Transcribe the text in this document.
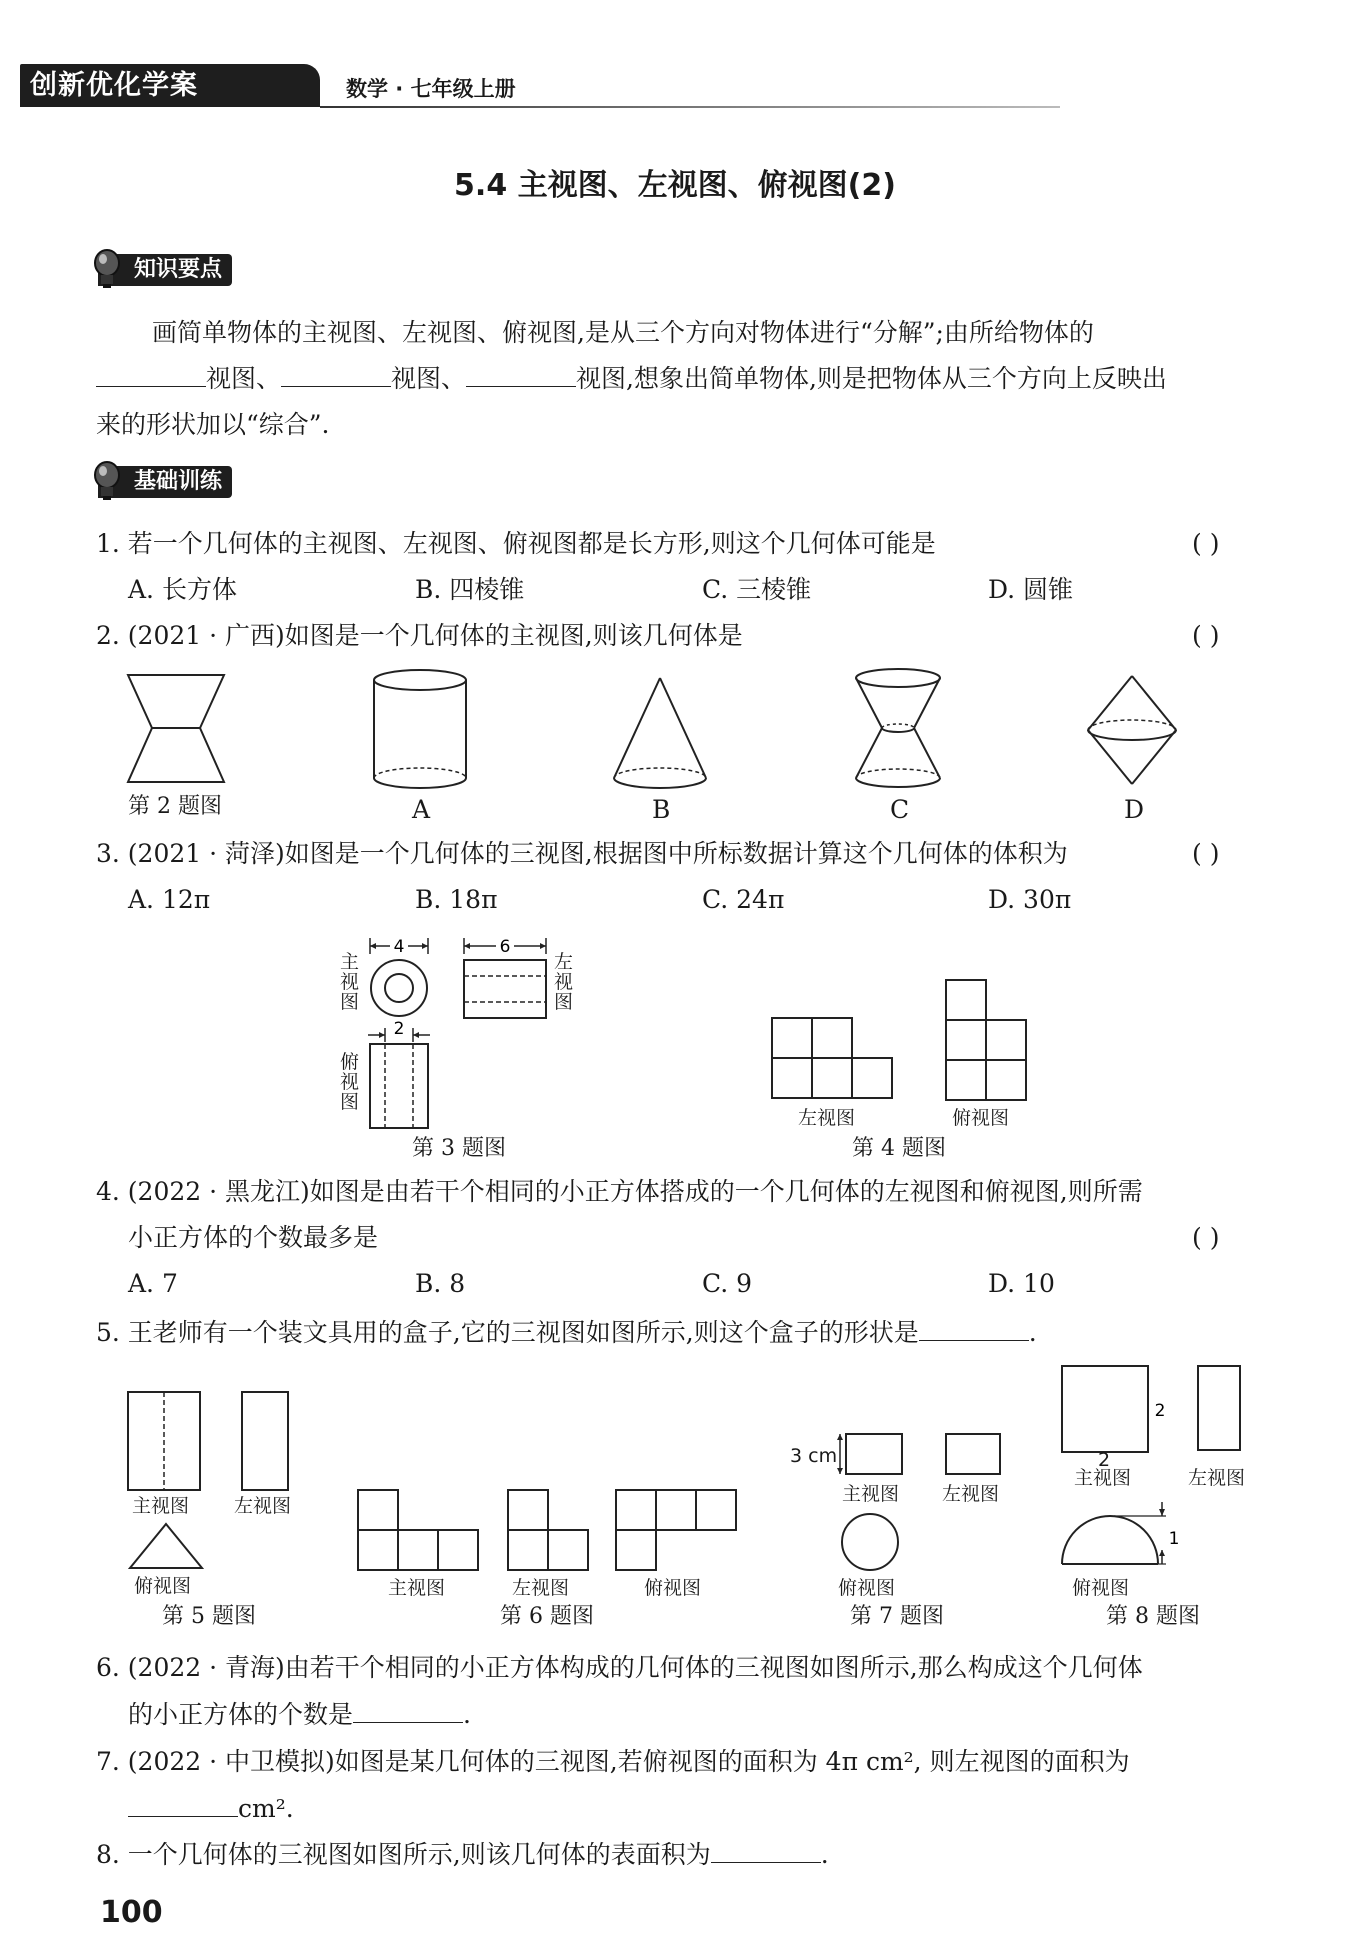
创新优化学案	数学 · 七年级上册
5.4 主视图、左视图、俯视图(2)
知识要点
画简单物体的主视图、左视图、俯视图,是从三个方向对物体进行“分解”;由所给物体的
视图、	视图、	视图,想象出简单物体,则是把物体从三个方向上反映出
来的形状加以“综合”.
基础训练
1. 若一个几何体的主视图、左视图、俯视图都是长方形,则这个几何体可能是	( )
A. 长方体	B. 四棱锥	C. 三棱锥	D. 圆锥
2. (2021 · 广西)如图是一个几何体的主视图,则该几何体是	( )
第 2 题图	A	B	C	D
3. (2021 · 菏泽)如图是一个几何体的三视图,根据图中所标数据计算这个几何体的体积为	( )
A. 12π	B. 18π	C. 24π	D. 30π
主视图
4	6
左视图
俯视图
2
第 3 题图
左视图	俯视图
第 4 题图
4. (2022 · 黑龙江)如图是由若干个相同的小正方体搭成的一个几何体的左视图和俯视图,则所需
小正方体的个数最多是	( )
A. 7	B. 8	C. 9	D. 10
5. 王老师有一个装文具用的盒子,它的三视图如图所示,则这个盒子的形状是	.
主视图 左视图
俯视图
第 5 题图
主视图	左视图	俯视图
第 6 题图
3 cm
主视图 左视图
俯视图
第 7 题图
2
2
主视图	左视图
1
俯视图
第 8 题图
6. (2022 · 青海)由若干个相同的小正方体构成的几何体的三视图如图所示,那么构成这个几何体
的小正方体的个数是	.
7. (2022 · 中卫模拟)如图是某几何体的三视图,若俯视图的面积为 4π cm², 则左视图的面积为
cm².
8. 一个几何体的三视图如图所示,则该几何体的表面积为	.
100
